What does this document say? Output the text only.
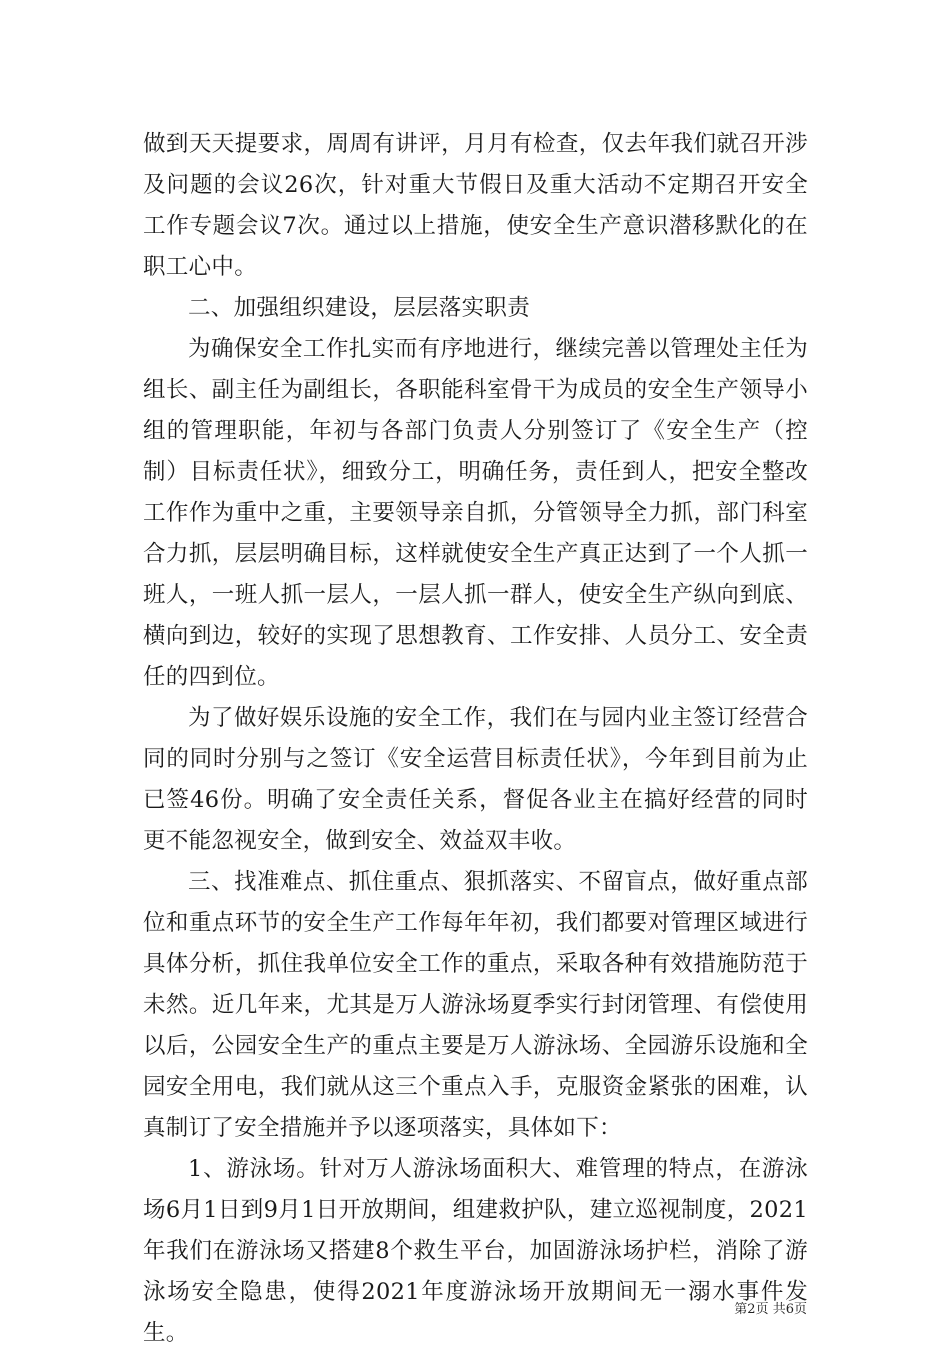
做到天天提要求，周周有讲评，月月有检查，仅去年我们就召开涉及问题的会议26次，针对重大节假日及重大活动不定期召开安全工作专题会议7次。通过以上措施，使安全生产意识潜移默化的在职工心中。

二、加强组织建设，层层落实职责

为确保安全工作扎实而有序地进行，继续完善以管理处主任为组长、副主任为副组长，各职能科室骨干为成员的安全生产领导小组的管理职能，年初与各部门负责人分别签订了《安全生产（控制）目标责任状》，细致分工，明确任务，责任到人，把安全整改工作作为重中之重，主要领导亲自抓，分管领导全力抓，部门科室合力抓，层层明确目标，这样就使安全生产真正达到了一个人抓一班人，一班人抓一层人，一层人抓一群人，使安全生产纵向到底、横向到边，较好的实现了思想教育、工作安排、人员分工、安全责任的四到位。

为了做好娱乐设施的安全工作，我们在与园内业主签订经营合同的同时分别与之签订《安全运营目标责任状》，今年到目前为止已签46份。明确了安全责任关系，督促各业主在搞好经营的同时更不能忽视安全，做到安全、效益双丰收。

三、找准难点、抓住重点、狠抓落实、不留盲点，做好重点部位和重点环节的安全生产工作每年年初，我们都要对管理区域进行具体分析，抓住我单位安全工作的重点，采取各种有效措施防范于未然。近几年来，尤其是万人游泳场夏季实行封闭管理、有偿使用以后，公园安全生产的重点主要是万人游泳场、全园游乐设施和全园安全用电，我们就从这三个重点入手，克服资金紧张的困难，认真制订了安全措施并予以逐项落实，具体如下：

1、游泳场。针对万人游泳场面积大、难管理的特点，在游泳场6月1日到9月1日开放期间，组建救护队，建立巡视制度，2021年我们在游泳场又搭建8个救生平台，加固游泳场护栏，消除了游泳场安全隐患，使得2021年度游泳场开放期间无一溺水事件发生。

第2页 共6页
